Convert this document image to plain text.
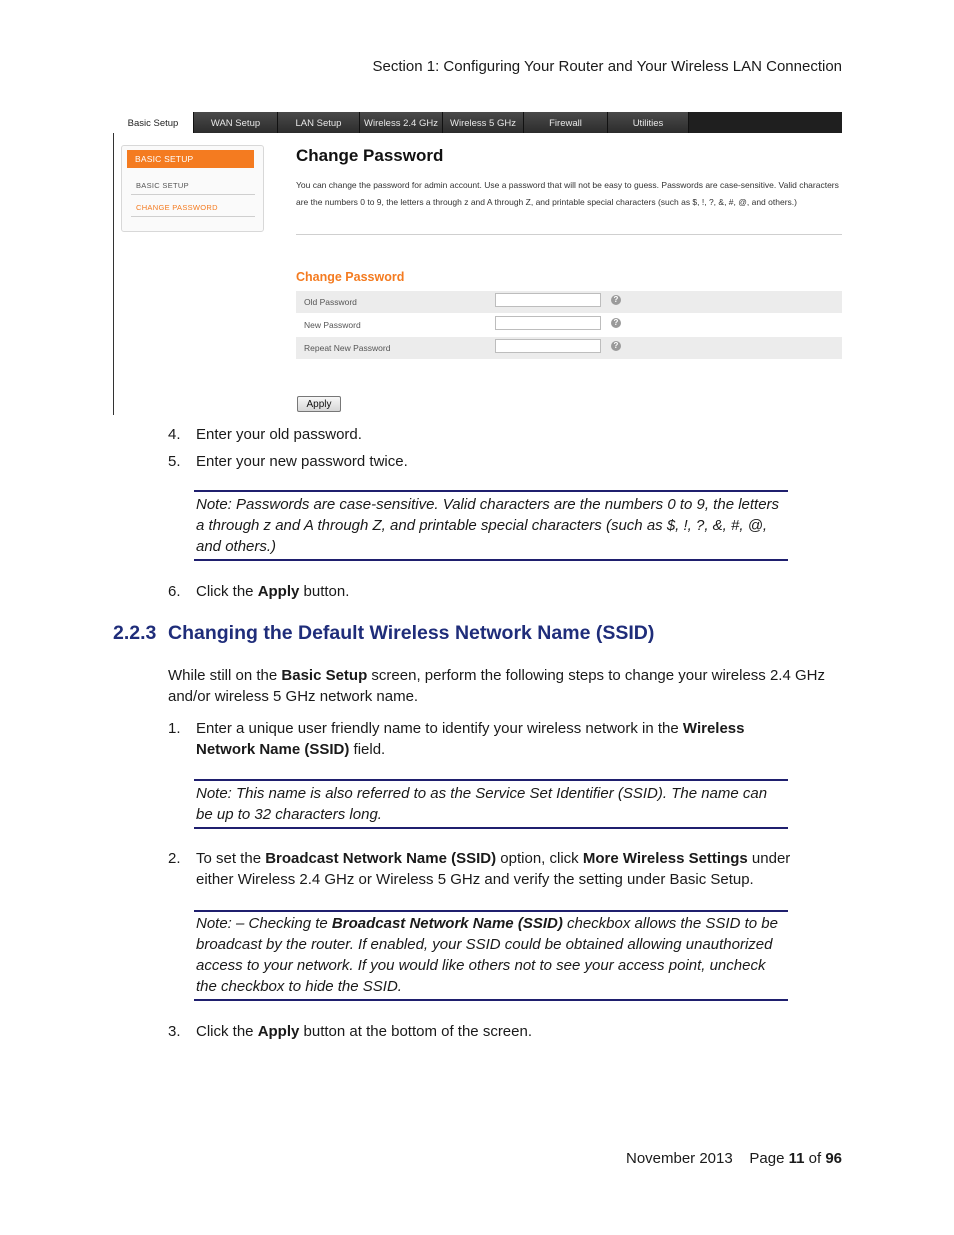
Section 1: Configuring Your Router and Your Wireless LAN Connection
Basic Setup	WAN Setup	LAN Setup	Wireless 2.4 GHz	Wireless 5 GHz	Firewall	Utilities
BASIC SETUP
BASIC SETUP
CHANGE PASSWORD
Change Password
You can change the password for admin account. Use a password that will not be easy to guess. Passwords are case-sensitive. Valid characters are the numbers 0 to 9, the letters a through z and A through Z, and printable special characters (such as $, !, ?, &, #, @, and others.)
Change Password
Old Password	?
New Password	?
Repeat New Password	?
Apply
4. Enter your old password.
5. Enter your new password twice.
Note: Passwords are case-sensitive. Valid characters are the numbers 0 to 9, the letters a through z and A through Z, and printable special characters (such as $, !, ?, &, #, @, and others.)
6. Click the Apply button.
2.2.3 Changing the Default Wireless Network Name (SSID)
While still on the Basic Setup screen, perform the following steps to change your wireless 2.4 GHz and/or wireless 5 GHz network name.
1. Enter a unique user friendly name to identify your wireless network in the Wireless Network Name (SSID) field.
Note: This name is also referred to as the Service Set Identifier (SSID). The name can be up to 32 characters long.
2. To set the Broadcast Network Name (SSID) option, click More Wireless Settings under either Wireless 2.4 GHz or Wireless 5 GHz and verify the setting under Basic Setup.
Note: – Checking te Broadcast Network Name (SSID) checkbox allows the SSID to be broadcast by the router. If enabled, your SSID could be obtained allowing unauthorized access to your network. If you would like others not to see your access point, uncheck the checkbox to hide the SSID.
3. Click the Apply button at the bottom of the screen.
November 2013 Page 11 of 96
